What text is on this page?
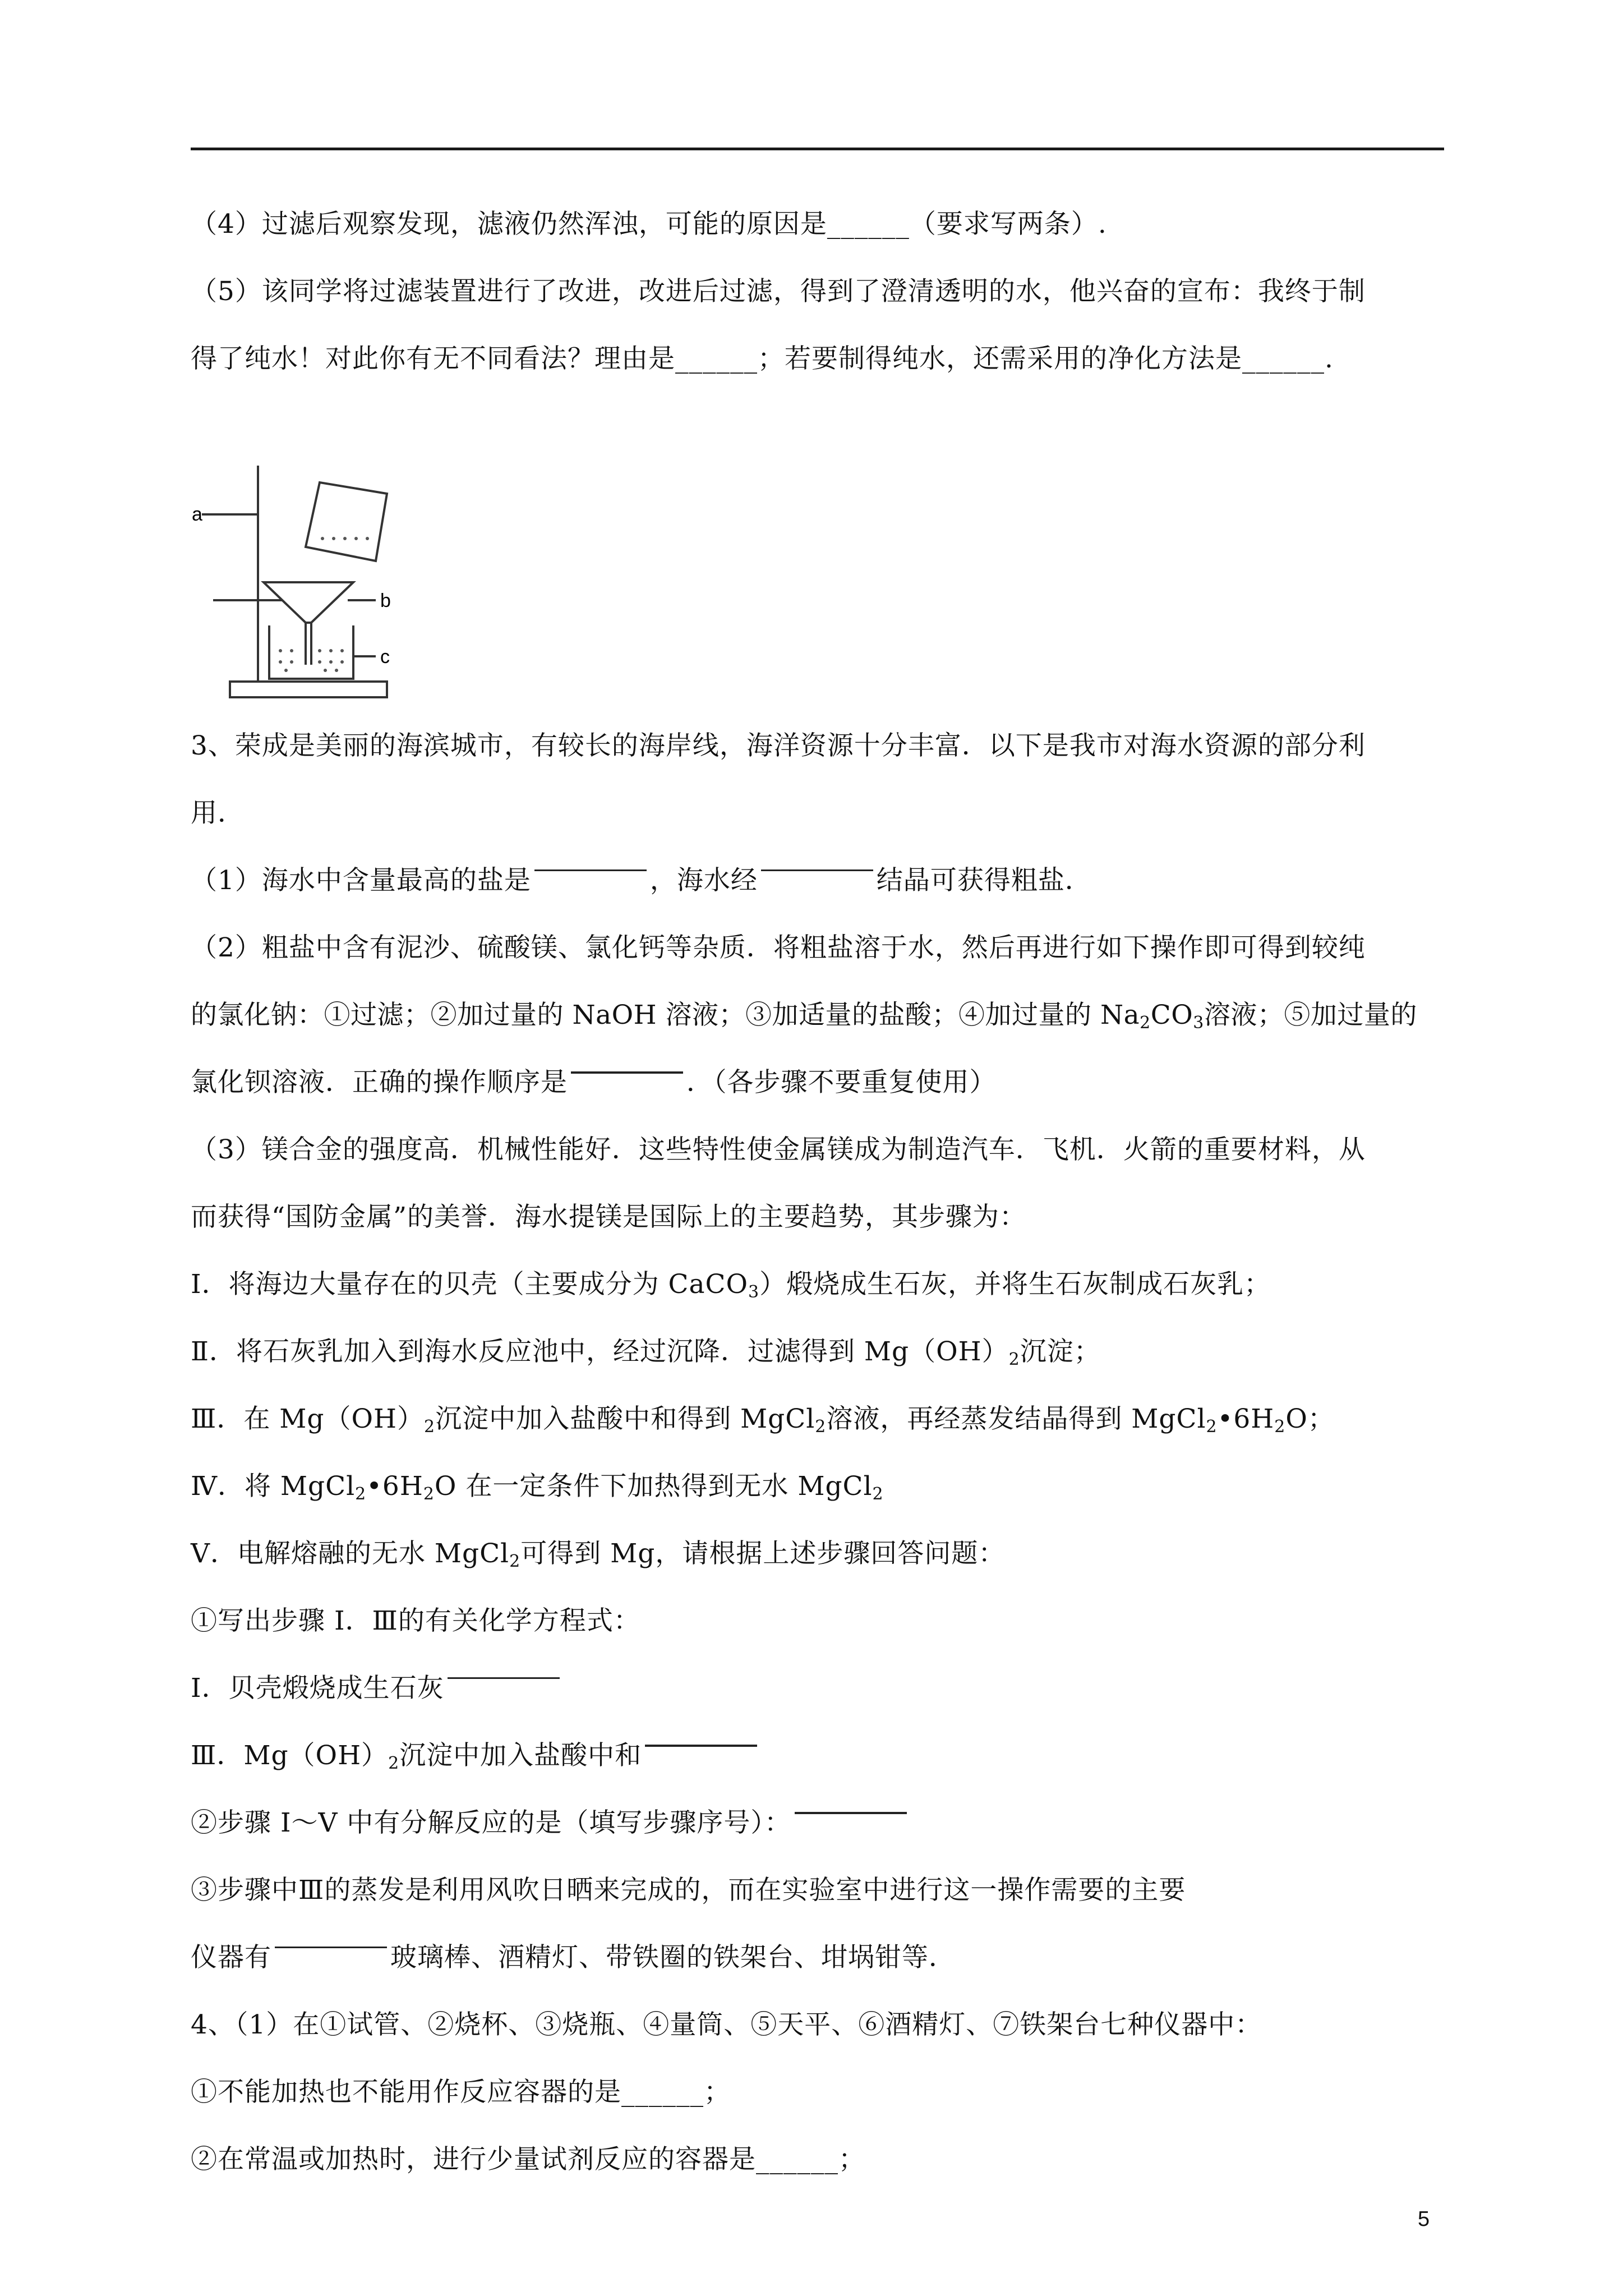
（4）过滤后观察发现，滤液仍然浑浊，可能的原因是______（要求写两条）.
（5）该同学将过滤装置进行了改进，改进后过滤，得到了澄清透明的水，他兴奋的宣布：我终于制
得了纯水！对此你有无不同看法？理由是______；若要制得纯水，还需采用的净化方法是______.
a
b
c
3、荣成是美丽的海滨城市，有较长的海岸线，海洋资源十分丰富．以下是我市对海水资源的部分利
用．
（1）海水中含量最高的盐是	，海水经	结晶可获得粗盐．
（2）粗盐中含有泥沙、硫酸镁、氯化钙等杂质．将粗盐溶于水，然后再进行如下操作即可得到较纯
的氯化钠：①过滤；②加过量的 NaOH 溶液；③加适量的盐酸；④加过量的 $Na_2CO_3$溶液；⑤加过量的
氯化钡溶液．正确的操作顺序是	．（各步骤不要重复使用）
（3）镁合金的强度高．机械性能好．这些特性使金属镁成为制造汽车．飞机．火箭的重要材料，从
而获得“国防金属”的美誉．海水提镁是国际上的主要趋势，其步骤为：
I．将海边大量存在的贝壳（主要成分为 CaCO$_3$）煅烧成生石灰，并将生石灰制成石灰乳；
Ⅱ．将石灰乳加入到海水反应池中，经过沉降．过滤得到 $Mg(OH)_2$沉淀；
Ⅲ．在 $Mg(OH)_2$沉淀中加入盐酸中和得到 MgCl$_2$溶液，再经蒸发结晶得到 $MgCl_2•6H_2O$；
Ⅳ．将 $MgCl_2•6H_2O$ 在一定条件下加热得到无水 MgCl$_2$
V．电解熔融的无水 MgCl$_2$可得到 Mg，请根据上述步骤回答问题：
①写出步骤 I．Ⅲ的有关化学方程式：
I．贝壳煅烧成生石灰
Ⅲ．$Mg(OH)_2$沉淀中加入盐酸中和
②步骤 I～V 中有分解反应的是（填写步骤序号）：
③步骤中Ⅲ的蒸发是利用风吹日晒来完成的，而在实验室中进行这一操作需要的主要
仪器有	玻璃棒、酒精灯、带铁圈的铁架台、坩埚钳等．
4、（1）在①试管、②烧杯、③烧瓶、④量筒、⑤天平、⑥酒精灯、⑦铁架台七种仪器中：
①不能加热也不能用作反应容器的是______；
②在常温或加热时，进行少量试剂反应的容器是______；
5
